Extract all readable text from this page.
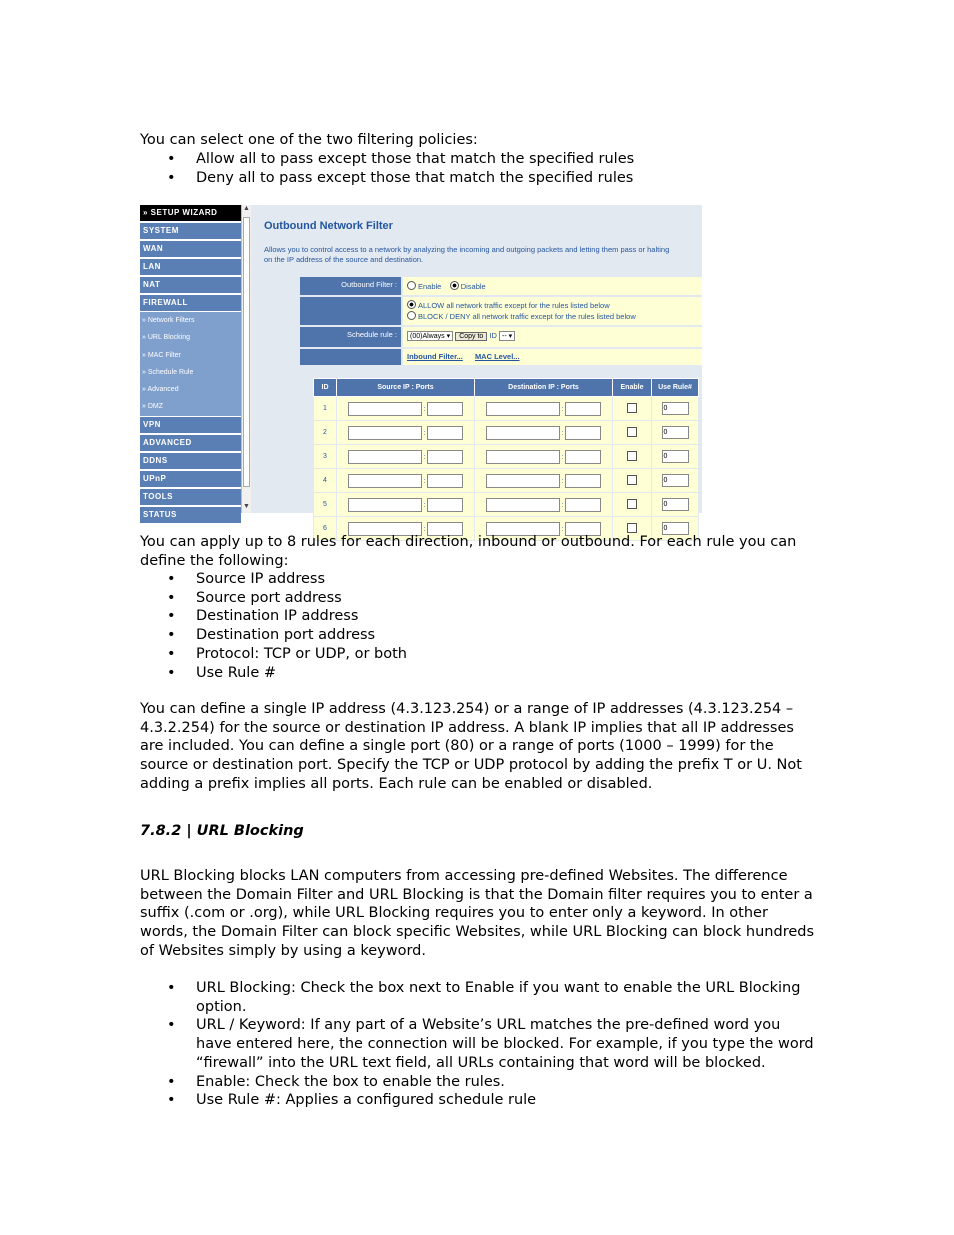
You can select one of the two filtering policies:
• Allow all to pass except those that match the specified rules
• Deny all to pass except those that match the specified rules
» SETUP WIZARD
SYSTEM
WAN
LAN
NAT
FIREWALL
» Network Filters
» URL Blocking
» MAC Filter
» Schedule Rule
» Advanced
» DMZ
VPN
ADVANCED
DDNS
UPnP
TOOLS
STATUS
▲
▼
Outbound Network Filter
Allows you to control access to a network by analyzing the incoming and outgoing packets and letting them pass or halting
on the IP address of the source and destination.
Outbound Filter :	Enable	Disable
ALLOW all network traffic except for the rules listed below
BLOCK / DENY all network traffic except for the rules listed below
Schedule rule :	(00)Always ▾ Copy to ID -- ▾
Inbound Filter... MAC Level...
ID	Source IP : Ports	Destination IP : Ports	Enable	Use Rule#
1	:	:		0
2	:	:		0
3	:	:		0
4	:	:		0
5	:	:		0
6	:	:		0
You can apply up to 8 rules for each direction, inbound or outbound. For each rule you can define the following:
• Source IP address
• Source port address
• Destination IP address
• Destination port address
• Protocol: TCP or UDP, or both
• Use Rule #
You can define a single IP address (4.3.123.254) or a range of IP addresses (4.3.123.254 – 4.3.2.254) for the source or destination IP address. A blank IP implies that all IP addresses are included. You can define a single port (80) or a range of ports (1000 – 1999) for the source or destination port. Specify the TCP or UDP protocol by adding the prefix T or U. Not adding a prefix implies all ports. Each rule can be enabled or disabled.
7.8.2 | URL Blocking
URL Blocking blocks LAN computers from accessing pre-defined Websites. The difference between the Domain Filter and URL Blocking is that the Domain filter requires you to enter a suffix (.com or .org), while URL Blocking requires you to enter only a keyword. In other words, the Domain Filter can block specific Websites, while URL Blocking can block hundreds of Websites simply by using a keyword.
• URL Blocking: Check the box next to Enable if you want to enable the URL Blocking option.
• URL / Keyword: If any part of a Website’s URL matches the pre-defined word you have entered here, the connection will be blocked. For example, if you type the word “firewall” into the URL text field, all URLs containing that word will be blocked.
• Enable: Check the box to enable the rules.
• Use Rule #: Applies a configured schedule rule
